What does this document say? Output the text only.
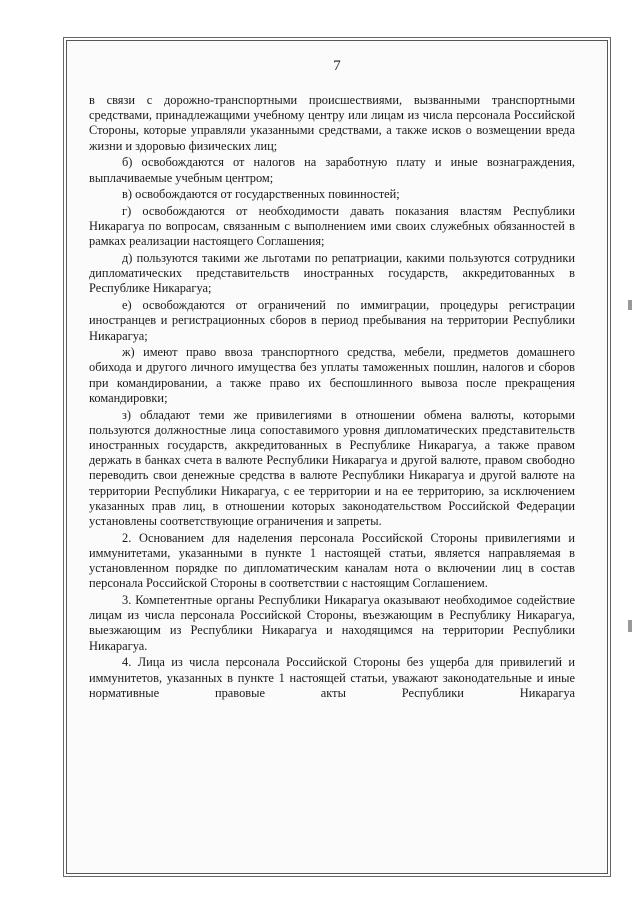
7

в связи с дорожно-транспортными происшествиями, вызванными транспортными средствами, принадлежащими учебному центру или лицам из числа персонала Российской Стороны, которые управляли указанными средствами, а также исков о возмещении вреда жизни и здоровью физических лиц;

б) освобождаются от налогов на заработную плату и иные вознаграждения, выплачиваемые учебным центром;

в) освобождаются от государственных повинностей;

г) освобождаются от необходимости давать показания властям Республики Никарагуа по вопросам, связанным с выполнением ими своих служебных обязанностей в рамках реализации настоящего Соглашения;

д) пользуются такими же льготами по репатриации, какими пользуются сотрудники дипломатических представительств иностранных государств, аккредитованных в Республике Никарагуа;

е) освобождаются от ограничений по иммиграции, процедуры регистрации иностранцев и регистрационных сборов в период пребывания на территории Республики Никарагуа;

ж) имеют право ввоза транспортного средства, мебели, предметов домашнего обихода и другого личного имущества без уплаты таможенных пошлин, налогов и сборов при командировании, а также право их беспошлинного вывоза после прекращения командировки;

з) обладают теми же привилегиями в отношении обмена валюты, которыми пользуются должностные лица сопоставимого уровня дипломатических представительств иностранных государств, аккредитованных в Республике Никарагуа, а также правом держать в банках счета в валюте Республики Никарагуа и другой валюте, правом свободно переводить свои денежные средства в валюте Республики Никарагуа и другой валюте на территории Республики Никарагуа, с ее территории и на ее территорию, за исключением указанных прав лиц, в отношении которых законодательством Российской Федерации установлены соответствующие ограничения и запреты.

2. Основанием для наделения персонала Российской Стороны привилегиями и иммунитетами, указанными в пункте 1 настоящей статьи, является направляемая в установленном порядке по дипломатическим каналам нота о включении лиц в состав персонала Российской Стороны в соответствии с настоящим Соглашением.

3. Компетентные органы Республики Никарагуа оказывают необходимое содействие лицам из числа персонала Российской Стороны, въезжающим в Республику Никарагуа, выезжающим из Республики Никарагуа и находящимся на территории Республики Никарагуа.

4. Лица из числа персонала Российской Стороны без ущерба для привилегий и иммунитетов, указанных в пункте 1 настоящей статьи, уважают законодательные и иные нормативные правовые акты Республики Никарагуа
